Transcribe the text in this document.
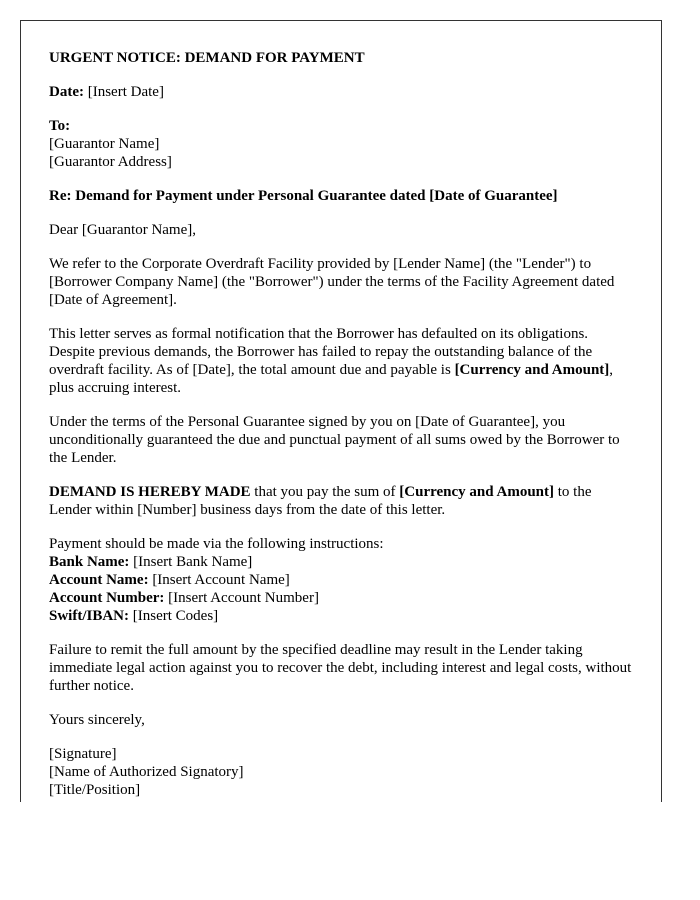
URGENT NOTICE: DEMAND FOR PAYMENT

Date: [Insert Date]

To:
[Guarantor Name]
[Guarantor Address]

Re: Demand for Payment under Personal Guarantee dated [Date of Guarantee]

Dear [Guarantor Name],

We refer to the Corporate Overdraft Facility provided by [Lender Name] (the "Lender") to [Borrower Company Name] (the "Borrower") under the terms of the Facility Agreement dated [Date of Agreement].

This letter serves as formal notification that the Borrower has defaulted on its obligations. Despite previous demands, the Borrower has failed to repay the outstanding balance of the overdraft facility. As of [Date], the total amount due and payable is [Currency and Amount], plus accruing interest.

Under the terms of the Personal Guarantee signed by you on [Date of Guarantee], you unconditionally guaranteed the due and punctual payment of all sums owed by the Borrower to the Lender.

DEMAND IS HEREBY MADE that you pay the sum of [Currency and Amount] to the Lender within [Number] business days from the date of this letter.

Payment should be made via the following instructions:
Bank Name: [Insert Bank Name]
Account Name: [Insert Account Name]
Account Number: [Insert Account Number]
Swift/IBAN: [Insert Codes]

Failure to remit the full amount by the specified deadline may result in the Lender taking immediate legal action against you to recover the debt, including interest and legal costs, without further notice.

Yours sincerely,

[Signature]
[Name of Authorized Signatory]
[Title/Position]
